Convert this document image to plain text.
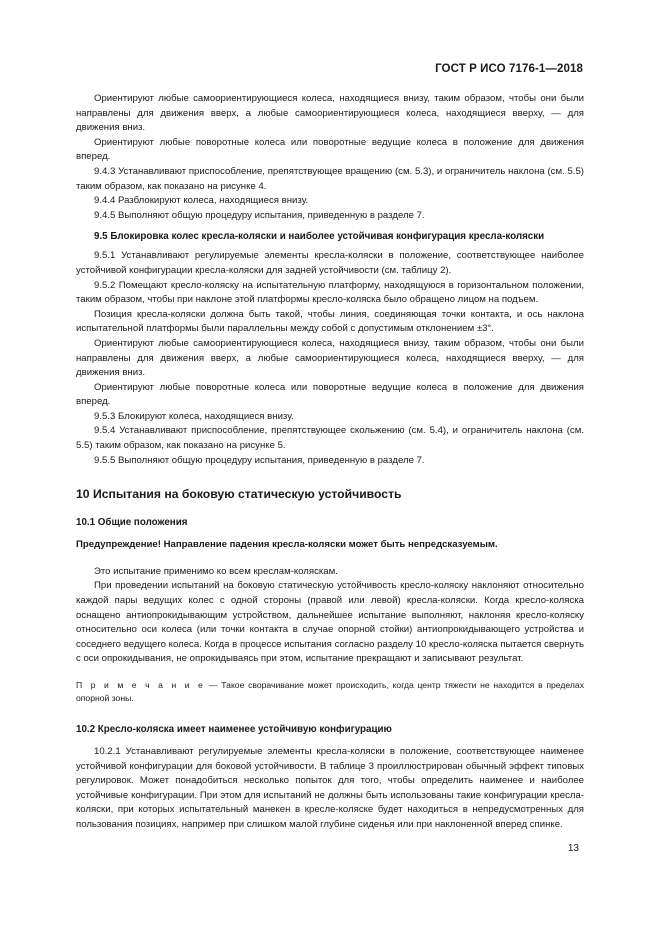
ГОСТ Р ИСО 7176-1—2018

Ориентируют любые самоориентирующиеся колеса, находящиеся внизу, таким образом, чтобы они были направлены для движения вверх, а любые самоориентирующиеся колеса, находящиеся вверху, — для движения вниз.

Ориентируют любые поворотные колеса или поворотные ведущие колеса в положение для движения вперед.

9.4.3 Устанавливают приспособление, препятствующее вращению (см. 5.3), и ограничитель наклона (см. 5.5) таким образом, как показано на рисунке 4.

9.4.4 Разблокируют колеса, находящиеся внизу.

9.4.5 Выполняют общую процедуру испытания, приведенную в разделе 7.

9.5 Блокировка колес кресла-коляски и наиболее устойчивая конфигурация кресла-коляски

9.5.1 Устанавливают регулируемые элементы кресла-коляски в положение, соответствующее наиболее устойчивой конфигурации кресла-коляски для задней устойчивости (см. таблицу 2).

9.5.2 Помещают кресло-коляску на испытательную платформу, находящуюся в горизонтальном положении, таким образом, чтобы при наклоне этой платформы кресло-коляска было обращено лицом на подъем.

Позиция кресла-коляски должна быть такой, чтобы линия, соединяющая точки контакта, и ось наклона испытательной платформы были параллельны между собой с допустимым отклонением ±3°.

Ориентируют любые самоориентирующиеся колеса, находящиеся внизу, таким образом, чтобы они были направлены для движения вверх, а любые самоориентирующиеся колеса, находящиеся вверху, — для движения вниз.

Ориентируют любые поворотные колеса или поворотные ведущие колеса в положение для движения вперед.

9.5.3 Блокируют колеса, находящиеся внизу.

9.5.4 Устанавливают приспособление, препятствующее скольжению (см. 5.4), и ограничитель наклона (см. 5.5) таким образом, как показано на рисунке 5.

9.5.5 Выполняют общую процедуру испытания, приведенную в разделе 7.

10 Испытания на боковую статическую устойчивость

10.1 Общие положения

Предупреждение! Направление падения кресла-коляски может быть непредсказуемым.

Это испытание применимо ко всем креслам-коляскам.

При проведении испытаний на боковую статическую устойчивость кресло-коляску наклоняют относительно каждой пары ведущих колес с одной стороны (правой или левой) кресла-коляски. Когда кресло-коляска оснащено антиопрокидывающим устройством, дальнейшее испытание выполняют, наклоняя кресло-коляску относительно оси колеса (или точки контакта в случае опорной стойки) антиопрокидывающего устройства и соседнего ведущего колеса. Когда в процессе испытания согласно разделу 10 кресло-коляска пытается свернуть с оси опрокидывания, не опрокидываясь при этом, испытание прекращают и записывают результат.

П р и м е ч а н и е — Такое сворачивание может происходить, когда центр тяжести не находится в пределах опорной зоны.

10.2 Кресло-коляска имеет наименее устойчивую конфигурацию

10.2.1 Устанавливают регулируемые элементы кресла-коляски в положение, соответствующее наименее устойчивой конфигурации для боковой устойчивости. В таблице 3 проиллюстрирован обычный эффект типовых регулировок. Может понадобиться несколько попыток для того, чтобы определить наименее и наиболее устойчивые конфигурации. При этом для испытаний не должны быть использованы такие конфигурации кресла-коляски, при которых испытательный манекен в кресле-коляске будет находиться в непредусмотренных для пользования позициях, например при слишком малой глубине сиденья или при наклоненной вперед спинке.

13
